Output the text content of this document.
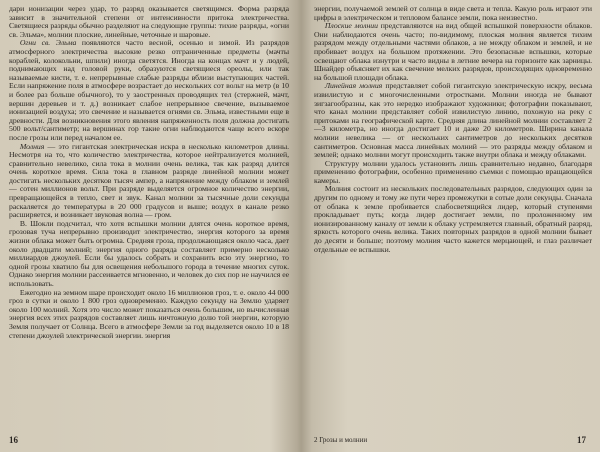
дари ионизации через удар, то разряд оказывается светящимся. Форма разряда зависит в значительной степени от интенсивности притока электричества. Светящиеся разряды обычно разделяют на следующие группы: тихие разряды, «огни св. Эльма», молнии плоские, линейные, четочные и шаровые.

Огни св. Эльма появляются часто весной, осенью и зимой. Из разрядов атмосферного электричества высокие резко отграниченные предметы (мачты кораблей, колокольни, шпили) иногда светятся. Иногда на концах мачт и у людей, поднимающих над головой руки, образуются светящиеся ореолы, или так называемые кисти, т. е. непрерывные слабые разряды вблизи выступающих частей. Если напряжение поля в атмосфере возрастает до нескольких сот вольт на метр (в 10 и более раз больше обычного), то у заостренных проводящих тел (стержней, мачт, вершин деревьев и т. д.) возникает слабое непрерывное свечение, вызываемое ионизацией воздуха; это свечение и называется огнями св. Эльма, известными еще в древности. Для возникновения этого явления напряженность поля должна достигать 500 вольт/сантиметр; на вершинах гор такие огни наблюдаются чаще всего вскоре после грозы или перед началом ее.

Молния — это гигантская электрическая искра в несколько километров длины. Несмотря на то, что количество электричества, которое нейтрализуется молнией, сравнительно невелико, сила тока в молнии очень велика, так как разряд длится очень короткое время. Сила тока в главном разряде линейной молнии может достигать нескольких десятков тысяч ампер, а напряжение между облаком и землей — сотен миллионов вольт. При разряде выделяется огромное количество энергии, превращающейся в тепло, свет и звук. Канал молнии за тысячные доли секунды раскаляется до температуры в 20 000 градусов и выше; воздух в канале резко расширяется, и возникает звуковая волна — гром.

В. Шокли подсчитал, что хотя вспышки молнии длятся очень короткое время, грозовая туча непрерывно производит электричество, энергия которого за время жизни облака может быть огромна. Средняя гроза, продолжающаяся около часа, дает около двадцати молний; энергия одного разряда составляет примерно несколько миллиардов джоулей. Если бы удалось собрать и сохранить всю эту энергию, то одной грозы хватило бы для освещения небольшого города в течение многих суток. Однако энергия молнии рассеивается мгновенно, и человек до сих пор не научился ее использовать.

Ежегодно на земном шаре происходит около 16 миллионов гроз, т. е. около 44 000 гроз в сутки и около 1 800 гроз одновременно. Каждую секунду на Землю ударяет около 100 молний. Хотя это число может показаться очень большим, но вычисленная энергия всех этих разрядов составляет лишь ничтожную долю той энергии, которую Земля получает от Солнца. Всего в атмосфере Земли за год выделяется около 10 в 18 степени джоулей электрической энергии. энергия

16

энергии, получаемой землей от солнца в виде света и тепла. Какую роль играют эти цифры в электрическом и тепловом балансе земли, пока неизвестно.

Плоские молнии представляются на вид общей вспышкой поверхности облаков. Они наблюдаются очень часто; по-видимому, плоская молния является тихим разрядом между отдельными частями облаков, а не между облаком и землей, и не пробивает воздух на большом протяжении. Это безопасные вспышки, которые освещают облака изнутри и часто видны в летние вечера на горизонте как зарницы. Шнайдер объясняет их как свечение мелких разрядов, происходящих одновременно на большой площади облака.

Линейная молния представляет собой гигантскую электрическую искру, весьма извилистую и с многочисленными отростками. Молнии иногда не бывают зигзагообразны, как это нередко изображают художники; фотографии показывают, что канал молнии представляет собой извилистую линию, похожую на реку с притоками на географической карте. Средняя длина линейной молнии составляет 2—3 километра, но иногда достигает 10 и даже 20 километров. Ширина канала молнии невелика — от нескольких сантиметров до нескольких десятков сантиметров. Основная масса линейных молний — это разряды между облаком и землей; однако молнии могут происходить также внутри облака и между облаками.

Структуру молнии удалось установить лишь сравнительно недавно, благодаря применению фотографии, особенно применению съемки с помощью вращающейся камеры.

Молния состоит из нескольких последовательных разрядов, следующих один за другим по одному и тому же пути через промежутки в сотые доли секунды. Сначала от облака к земле пробивается слабосветящийся лидер, который ступенями прокладывает путь; когда лидер достигает земли, по проложенному им ионизированному каналу от земли к облаку устремляется главный, обратный разряд, яркость которого очень велика. Таких повторных разрядов в одной молнии бывает до десяти и больше; поэтому молния часто кажется мерцающей, и глаз различает отдельные ее вспышки.

2 Грозы и молнии	17
